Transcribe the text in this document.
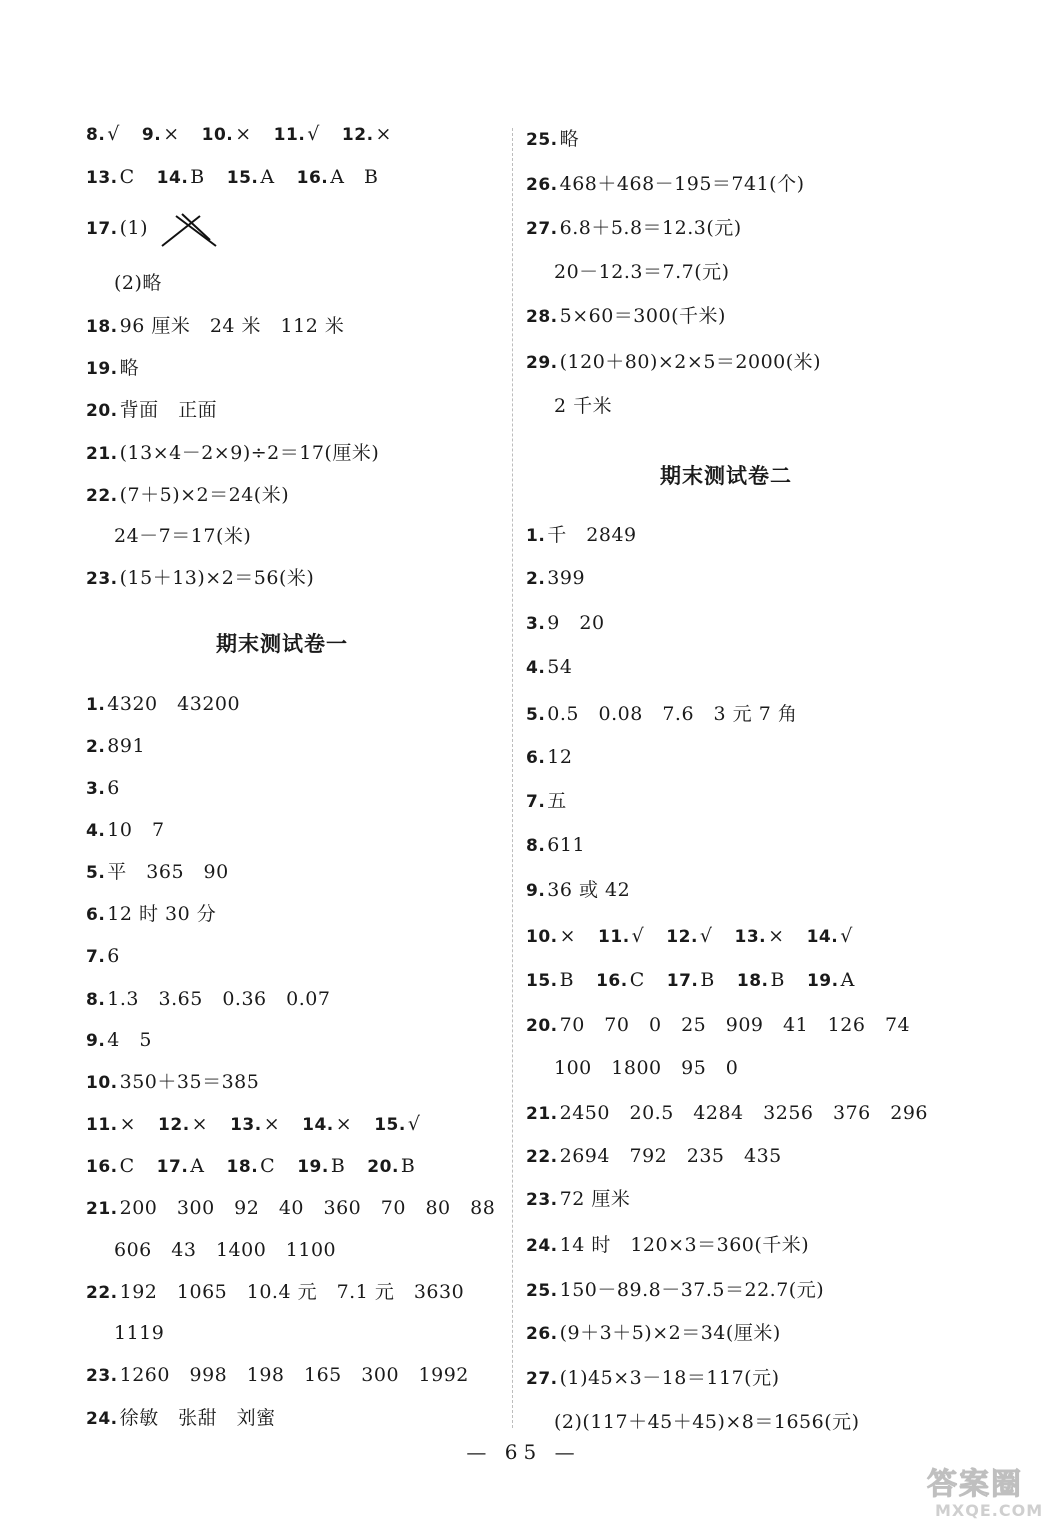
8. √ 9. × 10. × 11. √ 12. ×
13. C 14. B 15. A 16. A　B
17. (1)
(2)略
18. 96 厘米　24 米　112 米
19. 略
20. 背面　正面
21. (13×4－2×9)÷2＝17(厘米)
22. (7＋5)×2＝24(米)
24－7＝17(米)
23. (15＋13)×2＝56(米)
期末测试卷一
1. 4320　43200
2. 891
3. 6
4. 10　7
5. 平　365　90
6. 12 时 30 分
7. 6
8. 1.3　3.65　0.36　0.07
9. 4　5
10. 350＋35＝385
11. × 12. × 13. × 14. × 15. √
16. C 17. A 18. C 19. B 20. B
21. 200　300　92　40　360　70　80　88
606　43　1400　1100
22. 192　1065　10.4 元　7.1 元　3630
1119
23. 1260　998　198　165　300　1992
24. 徐敏　张甜　刘蜜
25. 略
26. 468＋468－195＝741(个)
27. 6.8＋5.8＝12.3(元)
20－12.3＝7.7(元)
28. 5×60＝300(千米)
29. (120＋80)×2×5＝2000(米)
2 千米
期末测试卷二
1. 千　2849
2. 399
3. 9　20
4. 54
5. 0.5　0.08　7.6　3 元 7 角
6. 12
7. 五
8. 611
9. 36 或 42
10. × 11. √ 12. √ 13. × 14. √
15. B 16. C 17. B 18. B 19. A
20. 70　70　0　25　909　41　126　74
100　1800　95　0
21. 2450　20.5　4284　3256　376　296
22. 2694　792　235　435
23. 72 厘米
24. 14 时　120×3＝360(千米)
25. 150－89.8－37.5＝22.7(元)
26. (9＋3＋5)×2＝34(厘米)
27. (1)45×3－18＝117(元)
(2)(117＋45＋45)×8＝1656(元)
— 65 —
答案圈
MXQE.COM
